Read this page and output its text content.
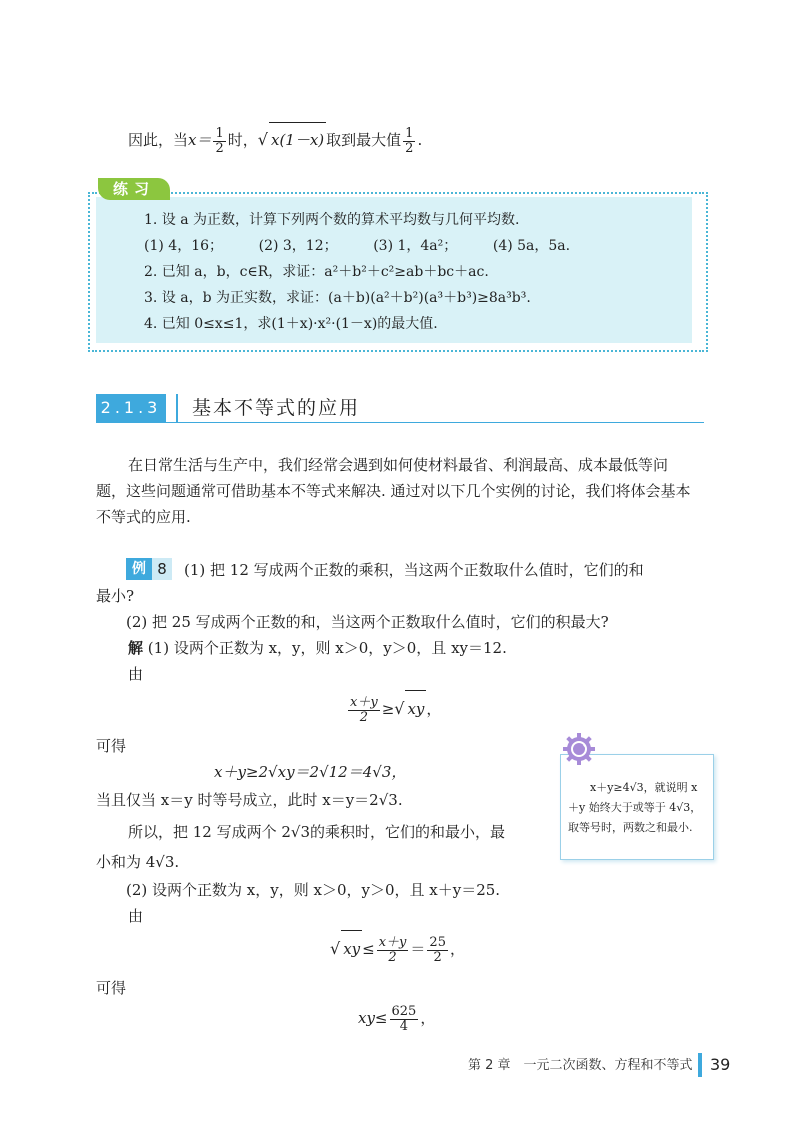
因此，当$x= \frac{1}{2}$ 时，√ x(1－x) 取到最大值 $\frac{1}{2}$ .
练习
1. 设 a 为正数，计算下列两个数的算术平均数与几何平均数.
(1) 4，16；        (2) 3，12；        (3) 1，4a²；        (4) 5a，5a.
2. 已知 a，b，c∈R，求证：a²＋b²＋c²≥ab＋bc＋ac.
3. 设 a，b 为正实数，求证：(a＋b)(a²＋b²)(a³＋b³)≥8a³b³.
4. 已知 0≤x≤1，求(1＋x)·x²·(1－x)的最大值.
2.1.3 基本不等式的应用
在日常生活与生产中，我们经常会遇到如何使材料最省、利润最高、成本最低等问题，这些问题通常可借助基本不等式来解决. 通过对以下几个实例的讨论，我们将体会基本不等式的应用.
例 8	(1) 把 12 写成两个正数的乘积，当这两个正数取什么值时，它们的和
最小?
(2) 把 25 写成两个正数的和，当这两个正数取什么值时，它们的积最大?
解 (1) 设两个正数为 x，y，则 x＞0，y＞0，且 xy＝12.
由
$\frac{x+y}{2}$ ≥√ xy ，
可得
x＋y≥2√xy＝2√12＝4√3，
当且仅当 x＝y 时等号成立，此时 x＝y＝2√3.
所以，把 12 写成两个 2√3的乘积时，它们的和最小，最
小和为 4√3.
(2) 设两个正数为 x，y，则 x＞0，y＞0，且 x＋y＝25.
由
√ xy ≤ $\frac{x+y}{2} = \frac{25}{2}$ ，
可得
$xy\le \frac{625}{4}$ ，
x＋y≥4√3，就说明 x＋y 始终大于或等于 4√3，取等号时，两数之和最小.
第 2 章　一元二次函数、方程和不等式 39
